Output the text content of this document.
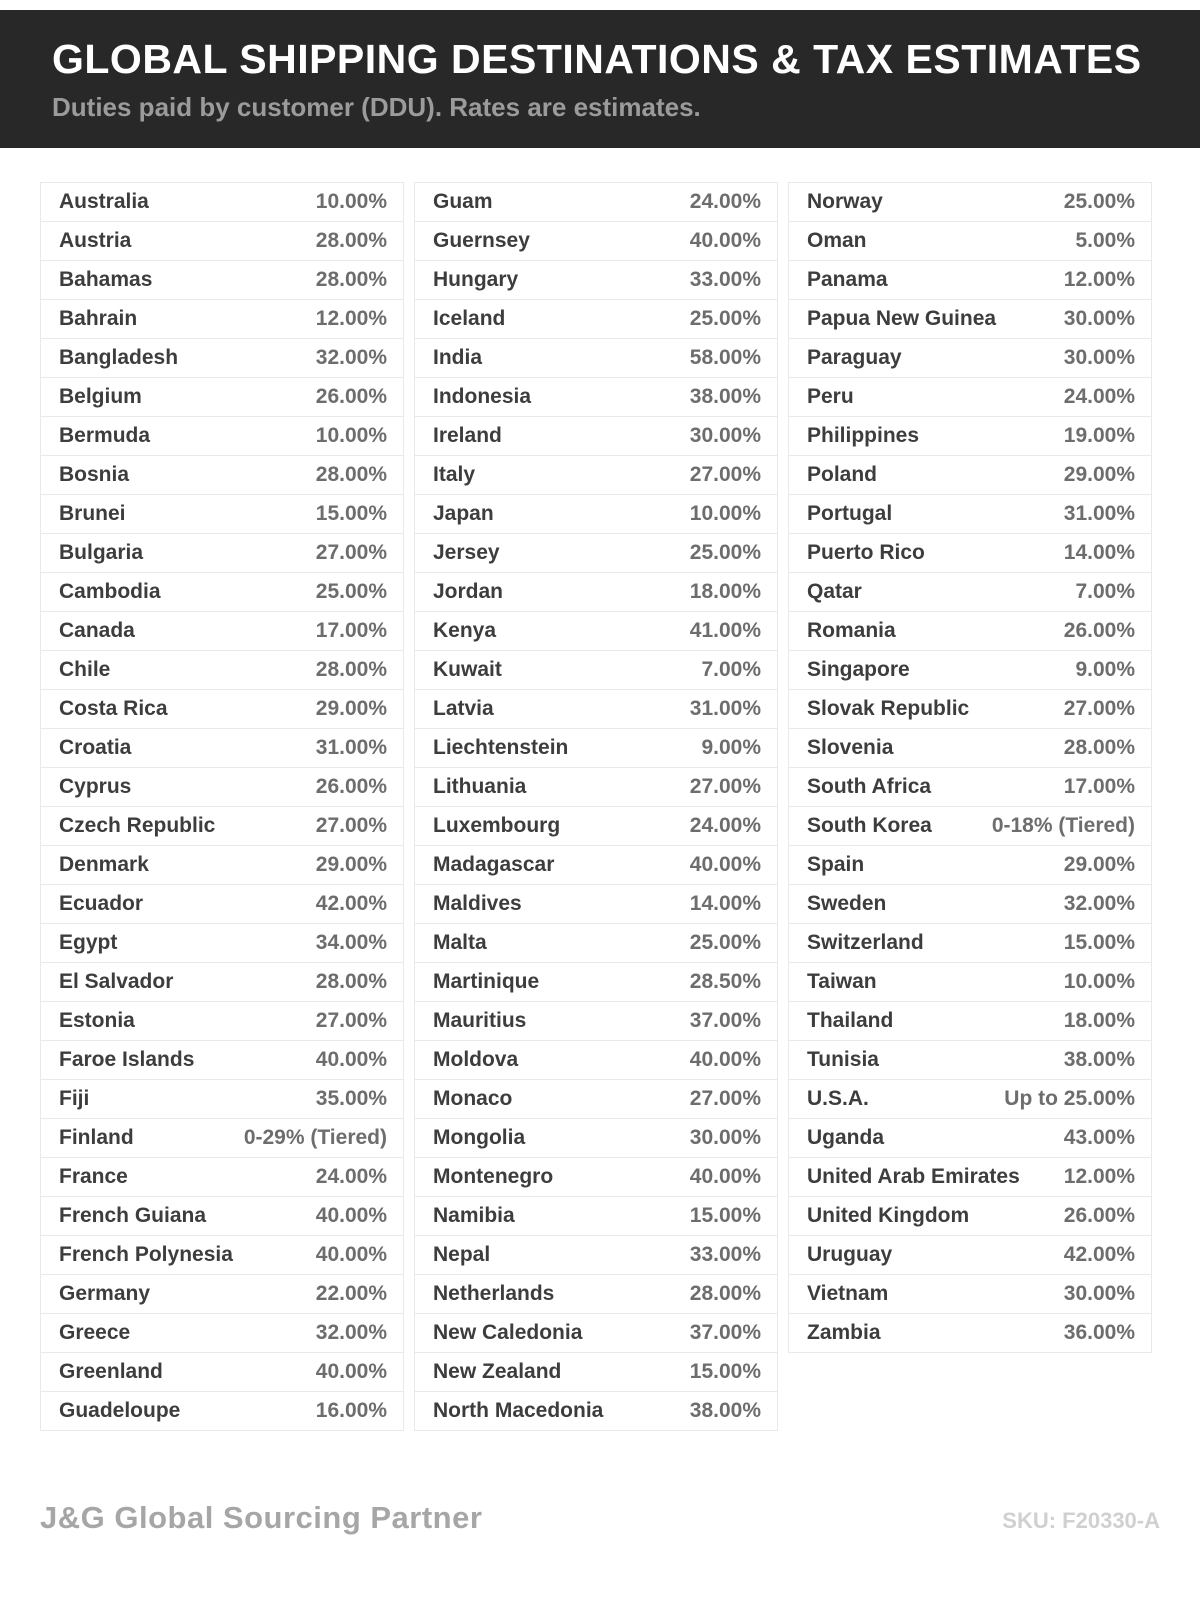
GLOBAL SHIPPING DESTINATIONS & TAX ESTIMATES
Duties paid by customer (DDU). Rates are estimates.
Australia	10.00%
Austria	28.00%
Bahamas	28.00%
Bahrain	12.00%
Bangladesh	32.00%
Belgium	26.00%
Bermuda	10.00%
Bosnia	28.00%
Brunei	15.00%
Bulgaria	27.00%
Cambodia	25.00%
Canada	17.00%
Chile	28.00%
Costa Rica	29.00%
Croatia	31.00%
Cyprus	26.00%
Czech Republic	27.00%
Denmark	29.00%
Ecuador	42.00%
Egypt	34.00%
El Salvador	28.00%
Estonia	27.00%
Faroe Islands	40.00%
Fiji	35.00%
Finland	0-29% (Tiered)
France	24.00%
French Guiana	40.00%
French Polynesia	40.00%
Germany	22.00%
Greece	32.00%
Greenland	40.00%
Guadeloupe	16.00%
Guam	24.00%
Guernsey	40.00%
Hungary	33.00%
Iceland	25.00%
India	58.00%
Indonesia	38.00%
Ireland	30.00%
Italy	27.00%
Japan	10.00%
Jersey	25.00%
Jordan	18.00%
Kenya	41.00%
Kuwait	7.00%
Latvia	31.00%
Liechtenstein	9.00%
Lithuania	27.00%
Luxembourg	24.00%
Madagascar	40.00%
Maldives	14.00%
Malta	25.00%
Martinique	28.50%
Mauritius	37.00%
Moldova	40.00%
Monaco	27.00%
Mongolia	30.00%
Montenegro	40.00%
Namibia	15.00%
Nepal	33.00%
Netherlands	28.00%
New Caledonia	37.00%
New Zealand	15.00%
North Macedonia	38.00%
Norway	25.00%
Oman	5.00%
Panama	12.00%
Papua New Guinea	30.00%
Paraguay	30.00%
Peru	24.00%
Philippines	19.00%
Poland	29.00%
Portugal	31.00%
Puerto Rico	14.00%
Qatar	7.00%
Romania	26.00%
Singapore	9.00%
Slovak Republic	27.00%
Slovenia	28.00%
South Africa	17.00%
South Korea	0-18% (Tiered)
Spain	29.00%
Sweden	32.00%
Switzerland	15.00%
Taiwan	10.00%
Thailand	18.00%
Tunisia	38.00%
U.S.A.	Up to 25.00%
Uganda	43.00%
United Arab Emirates 12.00%
United Kingdom	26.00%
Uruguay	42.00%
Vietnam	30.00%
Zambia	36.00%
J&G Global Sourcing Partner	SKU: F20330-A
